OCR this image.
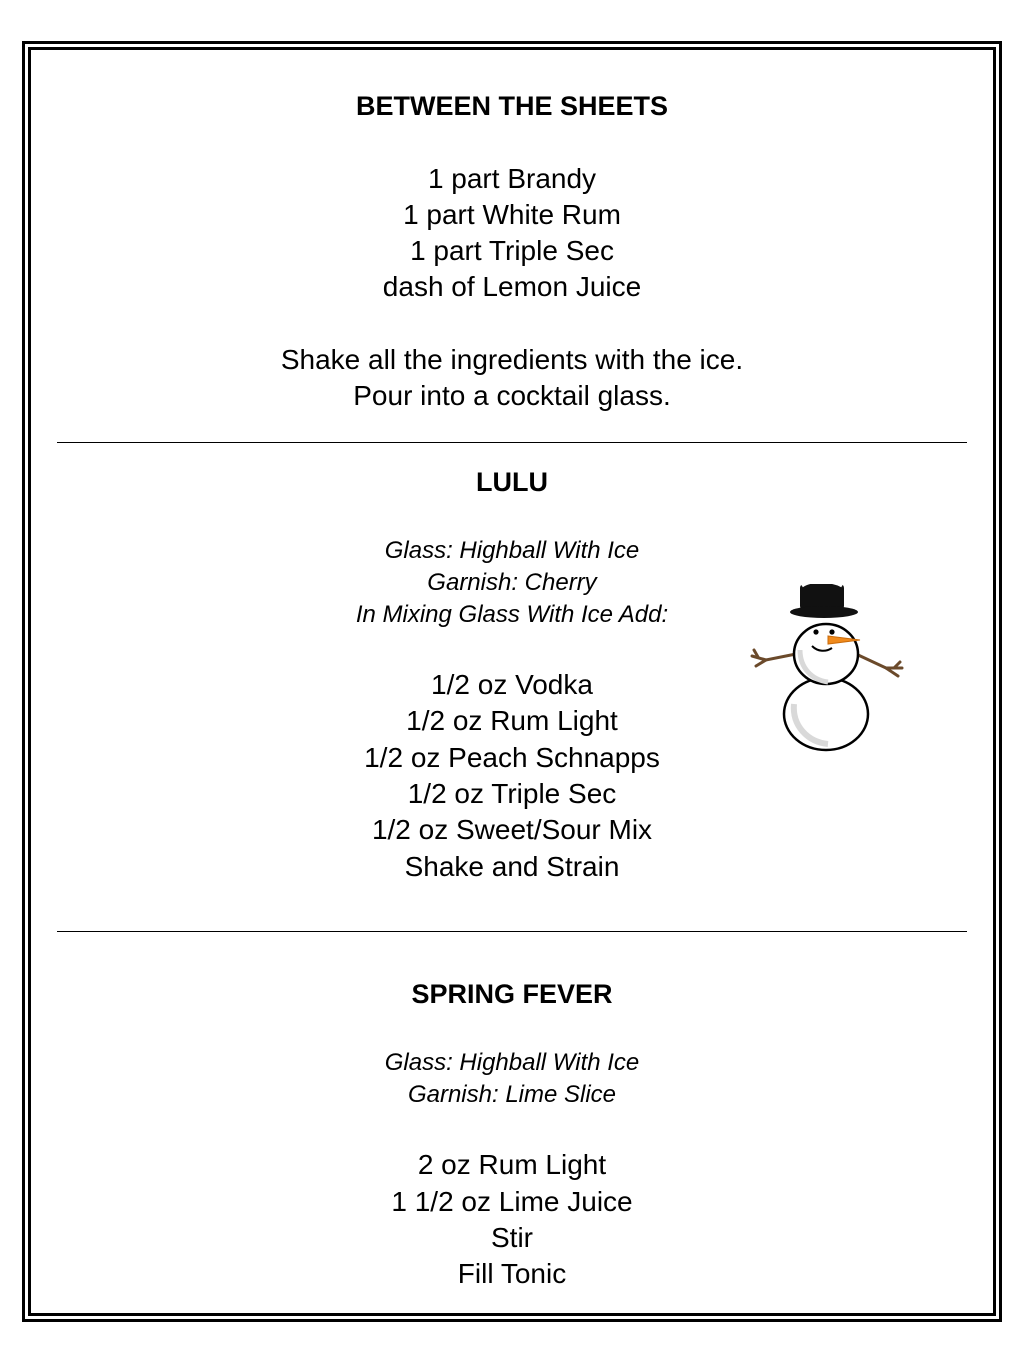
BETWEEN THE SHEETS
1 part Brandy
1 part White Rum
1 part Triple Sec
dash of Lemon Juice
Shake all the ingredients with the ice.
Pour into a cocktail glass.
LULU
Glass: Highball With Ice
Garnish: Cherry
In Mixing Glass With Ice Add:
1/2 oz Vodka
1/2 oz Rum Light
1/2 oz Peach Schnapps
1/2 oz Triple Sec
1/2 oz Sweet/Sour Mix
Shake and Strain
SPRING FEVER
Glass: Highball With Ice
Garnish: Lime Slice
2 oz Rum Light
1 1/2 oz Lime Juice
Stir
Fill Tonic
